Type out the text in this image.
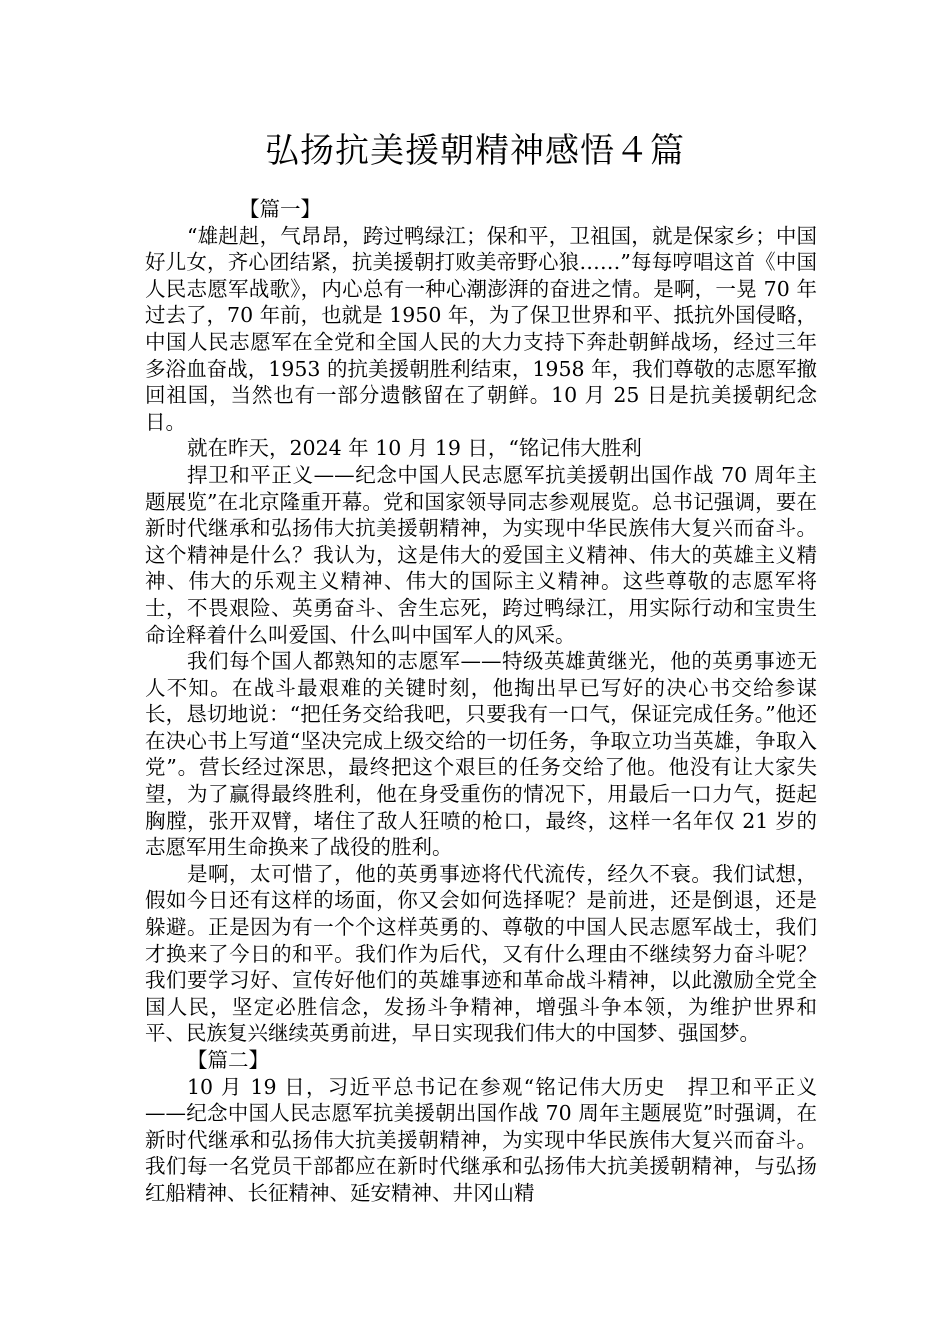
弘扬抗美援朝精神感悟４篇

【篇一】

“雄赳赳，气昂昂，跨过鸭绿江；保和平，卫祖国，就是保家乡；中国好儿女，齐心团结紧，抗美援朝打败美帝野心狼……”每每哼唱这首《中国人民志愿军战歌》，内心总有一种心潮澎湃的奋进之情。是啊，一晃 70 年过去了，70 年前，也就是 1950 年，为了保卫世界和平、抵抗外国侵略，中国人民志愿军在全党和全国人民的大力支持下奔赴朝鲜战场，经过三年多浴血奋战，1953 的抗美援朝胜利结束，1958 年，我们尊敬的志愿军撤回祖国，当然也有一部分遗骸留在了朝鲜。10 月 25 日是抗美援朝纪念日。

就在昨天，2024 年 10 月 19 日，“铭记伟大胜利

捍卫和平正义——纪念中国人民志愿军抗美援朝出国作战 70 周年主题展览”在北京隆重开幕。党和国家领导同志参观展览。总书记强调，要在新时代继承和弘扬伟大抗美援朝精神，为实现中华民族伟大复兴而奋斗。这个精神是什么？我认为，这是伟大的爱国主义精神、伟大的英雄主义精神、伟大的乐观主义精神、伟大的国际主义精神。这些尊敬的志愿军将士，不畏艰险、英勇奋斗、舍生忘死，跨过鸭绿江，用实际行动和宝贵生命诠释着什么叫爱国、什么叫中国军人的风采。

我们每个国人都熟知的志愿军——特级英雄黄继光，他的英勇事迹无人不知。在战斗最艰难的关键时刻，他掏出早已写好的决心书交给参谋长，恳切地说：“把任务交给我吧，只要我有一口气，保证完成任务。”他还在决心书上写道“坚决完成上级交给的一切任务，争取立功当英雄，争取入党”。营长经过深思，最终把这个艰巨的任务交给了他。他没有让大家失望，为了赢得最终胜利，他在身受重伤的情况下，用最后一口力气，挺起胸膛，张开双臂，堵住了敌人狂喷的枪口，最终，这样一名年仅 21 岁的志愿军用生命换来了战役的胜利。

是啊，太可惜了，他的英勇事迹将代代流传，经久不衰。我们试想，假如今日还有这样的场面，你又会如何选择呢？是前进，还是倒退，还是躲避。正是因为有一个个这样英勇的、尊敬的中国人民志愿军战士，我们才换来了今日的和平。我们作为后代，又有什么理由不继续努力奋斗呢？我们要学习好、宣传好他们的英雄事迹和革命战斗精神，以此激励全党全国人民，坚定必胜信念，发扬斗争精神，增强斗争本领，为维护世界和平、民族复兴继续英勇前进，早日实现我们伟大的中国梦、强国梦。

【篇二】

10 月 19 日，习近平总书记在参观“铭记伟大历史　捍卫和平正义——纪念中国人民志愿军抗美援朝出国作战 70 周年主题展览”时强调，在新时代继承和弘扬伟大抗美援朝精神，为实现中华民族伟大复兴而奋斗。我们每一名党员干部都应在新时代继承和弘扬伟大抗美援朝精神，与弘扬红船精神、长征精神、延安精神、井冈山精
